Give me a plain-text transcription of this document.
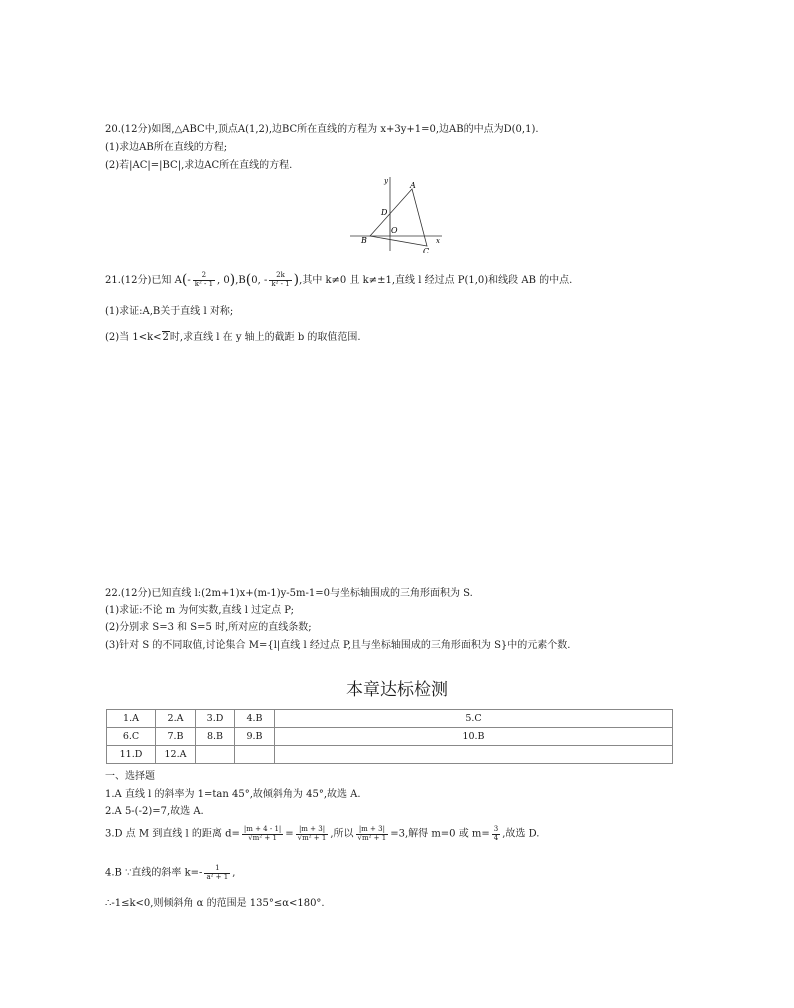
20.(12分)如图,△ABC中,顶点A(1,2),边BC所在直线的方程为 x+3y+1=0,边AB的中点为D(0,1).
(1)求边AB所在直线的方程;
(2)若|AC|=|BC|,求边AC所在直线的方程.
y
x
A
B
C
D
O
21.(12分)已知 $A(- \frac{2}{\text{k² - 1}}$ , 0),B(0, - $\frac{2k}{\text{k² - 1}}$ ),其中 k≠0 且 k≠±1,直线 l 经过点 P(1,0)和线段 AB 的中点.
(1)求证:A,B关于直线 l 对称;
(2)当 1<k<2时,求直线 l 在 y 轴上的截距 b 的取值范围.
22.(12分)已知直线 l:(2m+1)x+(m-1)y-5m-1=0与坐标轴围成的三角形面积为 S.
(1)求证:不论 m 为何实数,直线 l 过定点 P;
(2)分别求 S=3 和 S=5 时,所对应的直线条数;
(3)针对 S 的不同取值,讨论集合 M={l|直线 l 经过点 P,且与坐标轴围成的三角形面积为 S}中的元素个数.
本章达标检测
1.A	2.A	3.D	4.B	5.C
6.C	7.B	8.B	9.B	10.B
11.D	12.A			
一、选择题
1.A 直线 l 的斜率为 1=tan 45°,故倾斜角为 45°,故选 A.
2.A 5-(-2)=7,故选 A.
3.D 点 M 到直线 l 的距离 $d= \frac{|m + 4 - 1|}{\text{√m² + 1}} = \frac{|m + 3|}{\text{√m² + 1}}$ ,所以 $\frac{|m + 3|}{\text{√m² + 1}} =3$,解得 m=0 或 $m= \frac{3}{4}$ ,故选 D.
4.B ∵直线的斜率 $k=- \frac{1}{\text{a² + 1}}$ ,
∴-1≤k<0,则倾斜角 α 的范围是 135°≤α<180°.
